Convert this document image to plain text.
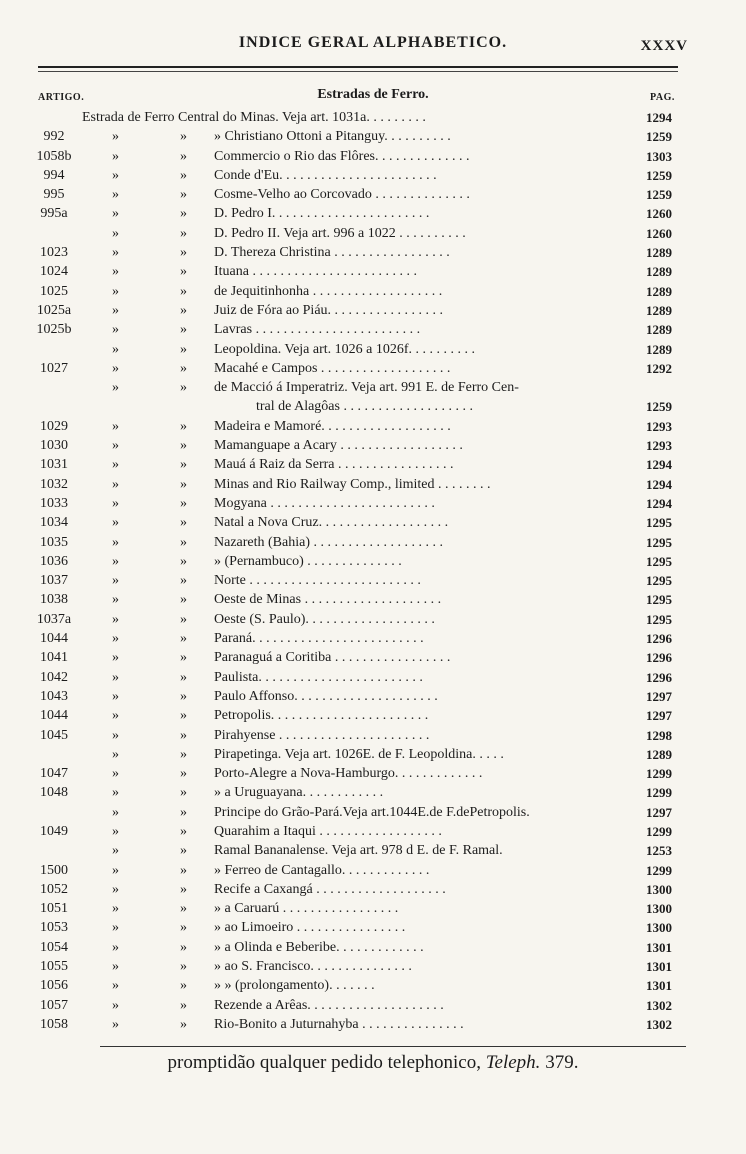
INDICE GERAL ALPHABETICO.	XXXV
ARTIGO.	Estradas de Ferro.	PAG.
Estrada de Ferro Central do Minas. Veja art. 1031a. . . . . . . . .	1294
992	»	» » Christiano Ottoni a Pitanguy. . . . . . . . . .	1259
1058b	»	» Commercio o Rio das Flôres. . . . . . . . . . . . . .	1303
994	»	» Conde d'Eu. . . . . . . . . . . . . . . . . . . . . . .	1259
995	»	» Cosme-Velho ao Corcovado . . . . . . . . . . . . . .	1259
995a	»	» D. Pedro I. . . . . . . . . . . . . . . . . . . . . . .	1260
»	» D. Pedro II. Veja art. 996 a 1022 . . . . . . . . . .	1260
1023	»	» D. Thereza Christina . . . . . . . . . . . . . . . . .	1289
1024	»	» Ituana . . . . . . . . . . . . . . . . . . . . . . . .	1289
1025	»	» de Jequitinhonha . . . . . . . . . . . . . . . . . . .	1289
1025a	»	» Juiz de Fóra ao Piáu. . . . . . . . . . . . . . . . .	1289
1025b	»	» Lavras . . . . . . . . . . . . . . . . . . . . . . . .	1289
»	» Leopoldina. Veja art. 1026 a 1026f. . . . . . . . . .	1289
1027	»	» Macahé e Campos . . . . . . . . . . . . . . . . . . .	1292
»	» de Macció á Imperatriz. Veja art. 991 E. de Ferro Cen-
tral de Alagôas . . . . . . . . . . . . . . . . . . .	1259
1029	»	» Madeira e Mamoré. . . . . . . . . . . . . . . . . . .	1293
1030	»	» Mamanguape a Acary . . . . . . . . . . . . . . . . . .	1293
1031	»	» Mauá á Raiz da Serra . . . . . . . . . . . . . . . . .	1294
1032	»	» Minas and Rio Railway Comp., limited . . . . . . . .	1294
1033	»	» Mogyana . . . . . . . . . . . . . . . . . . . . . . . .	1294
1034	»	» Natal a Nova Cruz. . . . . . . . . . . . . . . . . . .	1295
1035	»	» Nazareth (Bahia) . . . . . . . . . . . . . . . . . . .	1295
1036	»	» » (Pernambuco) . . . . . . . . . . . . . .	1295
1037	»	» Norte . . . . . . . . . . . . . . . . . . . . . . . . .	1295
1038	»	» Oeste de Minas . . . . . . . . . . . . . . . . . . . .	1295
1037a	»	» Oeste (S. Paulo). . . . . . . . . . . . . . . . . . .	1295
1044	»	» Paraná. . . . . . . . . . . . . . . . . . . . . . . . .	1296
1041	»	» Paranaguá a Coritiba . . . . . . . . . . . . . . . . .	1296
1042	»	» Paulista. . . . . . . . . . . . . . . . . . . . . . . .	1296
1043	»	» Paulo Affonso. . . . . . . . . . . . . . . . . . . . .	1297
1044	»	» Petropolis. . . . . . . . . . . . . . . . . . . . . . .	1297
1045	»	» Pirahyense . . . . . . . . . . . . . . . . . . . . . .	1298
»	» Pirapetinga. Veja art. 1026E. de F. Leopoldina. . . . .	1289
1047	»	» Porto-Alegre a Nova-Hamburgo. . . . . . . . . . . . .	1299
1048	»	» » a Uruguayana. . . . . . . . . . . .	1299
»	» Principe do Grão-Pará.Veja art.1044E.de F.dePetropolis.	1297
1049	»	» Quarahim a Itaqui . . . . . . . . . . . . . . . . . .	1299
»	» Ramal Bananalense. Veja art. 978 d E. de F. Ramal.	1253
1500	»	» » Ferreo de Cantagallo. . . . . . . . . . . . .	1299
1052	»	» Recife a Caxangá . . . . . . . . . . . . . . . . . . .	1300
1051	»	» » a Caruarú . . . . . . . . . . . . . . . . .	1300
1053	»	» » ao Limoeiro . . . . . . . . . . . . . . . .	1300
1054	»	» » a Olinda e Beberibe. . . . . . . . . . . . .	1301
1055	»	» » ao S. Francisco. . . . . . . . . . . . . . .	1301
1056	»	» » » (prolongamento). . . . . . .	1301
1057	»	» Rezende a Arêas. . . . . . . . . . . . . . . . . . . .	1302
1058	»	» Rio-Bonito a Juturnahyba . . . . . . . . . . . . . . .	1302
promptidão qualquer pedido telephonico, Teleph. 379.
